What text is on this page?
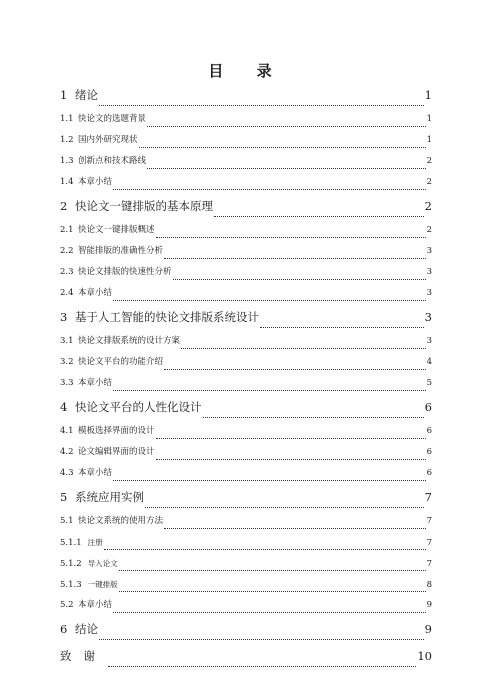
目 录
1 绪论	1
1.1 快论文的选题背景	1
1.2 国内外研究现状	1
1.3 创新点和技术路线	2
1.4 本章小结	2
2 快论文一键排版的基本原理	2
2.1 快论文一键排版概述	2
2.2 智能排版的准确性分析	3
2.3 快论文排版的快速性分析	3
2.4 本章小结	3
3 基于人工智能的快论文排版系统设计	3
3.1 快论文排版系统的设计方案	3
3.2 快论文平台的功能介绍	4
3.3 本章小结	5
4 快论文平台的人性化设计	6
4.1 模板选择界面的设计	6
4.2 论文编辑界面的设计	6
4.3 本章小结	6
5 系统应用实例	7
5.1 快论文系统的使用方法	7
5.1.1 注册	7
5.1.2 导入论文	7
5.1.3 一键排版	8
5.2 本章小结	9
6 结论	9
致谢	10
